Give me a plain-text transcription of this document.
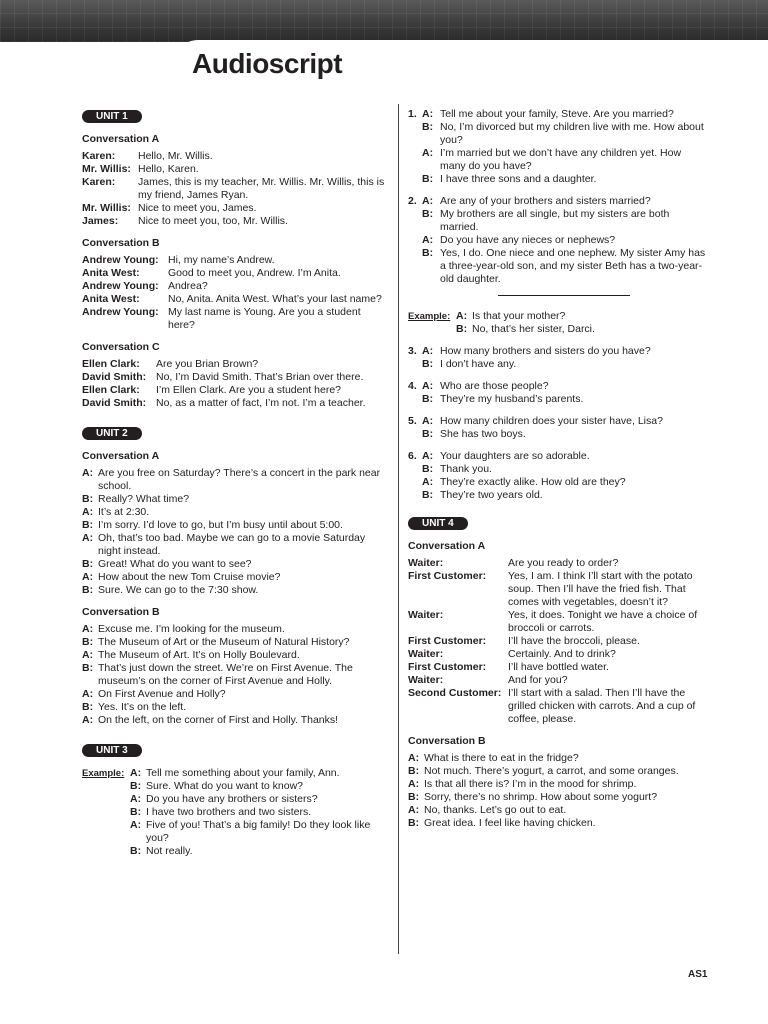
Audioscript
UNIT 1
Conversation A
Karen:	Hello, Mr. Willis.
Mr. Willis: Hello, Karen.
Karen:	James, this is my teacher, Mr. Willis. Mr. Willis, this is my friend, James Ryan.
Mr. Willis: Nice to meet you, James.
James:	Nice to meet you, too, Mr. Willis.
Conversation B
Andrew Young: Hi, my name’s Andrew.
Anita West:	Good to meet you, Andrew. I’m Anita.
Andrew Young: Andrea?
Anita West:	No, Anita. Anita West. What’s your last name?
Andrew Young: My last name is Young. Are you a student here?
Conversation C
Ellen Clark:	Are you Brian Brown?
David Smith: No, I’m David Smith. That’s Brian over there.
Ellen Clark:	I’m Ellen Clark. Are you a student here?
David Smith: No, as a matter of fact, I’m not. I’m a teacher.
UNIT 2
Conversation A
A: Are you free on Saturday? There’s a concert in the park near school.
B: Really? What time?
A: It’s at 2:30.
B: I’m sorry. I’d love to go, but I’m busy until about 5:00.
A: Oh, that’s too bad. Maybe we can go to a movie Saturday night instead.
B: Great! What do you want to see?
A: How about the new Tom Cruise movie?
B: Sure. We can go to the 7:30 show.
Conversation B
A: Excuse me. I’m looking for the museum.
B: The Museum of Art or the Museum of Natural History?
A: The Museum of Art. It’s on Holly Boulevard.
B: That’s just down the street. We’re on First Avenue. The museum’s on the corner of First Avenue and Holly.
A: On First Avenue and Holly?
B: Yes. It’s on the left.
A: On the left, on the corner of First and Holly. Thanks!
UNIT 3
Example: A: Tell me something about your family, Ann.
B: Sure. What do you want to know?
A: Do you have any brothers or sisters?
B: I have two brothers and two sisters.
A: Five of you! That’s a big family! Do they look like you?
B: Not really.
1. A: Tell me about your family, Steve. Are you married?
B: No, I’m divorced but my children live with me. How about you?
A: I’m married but we don’t have any children yet. How many do you have?
B: I have three sons and a daughter.
2. A: Are any of your brothers and sisters married?
B: My brothers are all single, but my sisters are both married.
A: Do you have any nieces or nephews?
B: Yes, I do. One niece and one nephew. My sister Amy has a three-year-old son, and my sister Beth has a two-year-old daughter.
Example: A: Is that your mother?
B: No, that’s her sister, Darci.
3. A: How many brothers and sisters do you have?
B: I don’t have any.
4. A: Who are those people?
B: They’re my husband’s parents.
5. A: How many children does your sister have, Lisa?
B: She has two boys.
6. A: Your daughters are so adorable.
B: Thank you.
A: They’re exactly alike. How old are they?
B: They’re two years old.
UNIT 4
Conversation A
Waiter:	Are you ready to order?
First Customer:	Yes, I am. I think I’ll start with the potato soup. Then I’ll have the fried fish. That comes with vegetables, doesn’t it?
Waiter:	Yes, it does. Tonight we have a choice of broccoli or carrots.
First Customer:	I’ll have the broccoli, please.
Waiter:	Certainly. And to drink?
First Customer:	I’ll have bottled water.
Waiter:	And for you?
Second Customer: I’ll start with a salad. Then I’ll have the grilled chicken with carrots. And a cup of coffee, please.
Conversation B
A: What is there to eat in the fridge?
B: Not much. There’s yogurt, a carrot, and some oranges.
A: Is that all there is? I’m in the mood for shrimp.
B: Sorry, there’s no shrimp. How about some yogurt?
A: No, thanks. Let’s go out to eat.
B: Great idea. I feel like having chicken.
AS1
